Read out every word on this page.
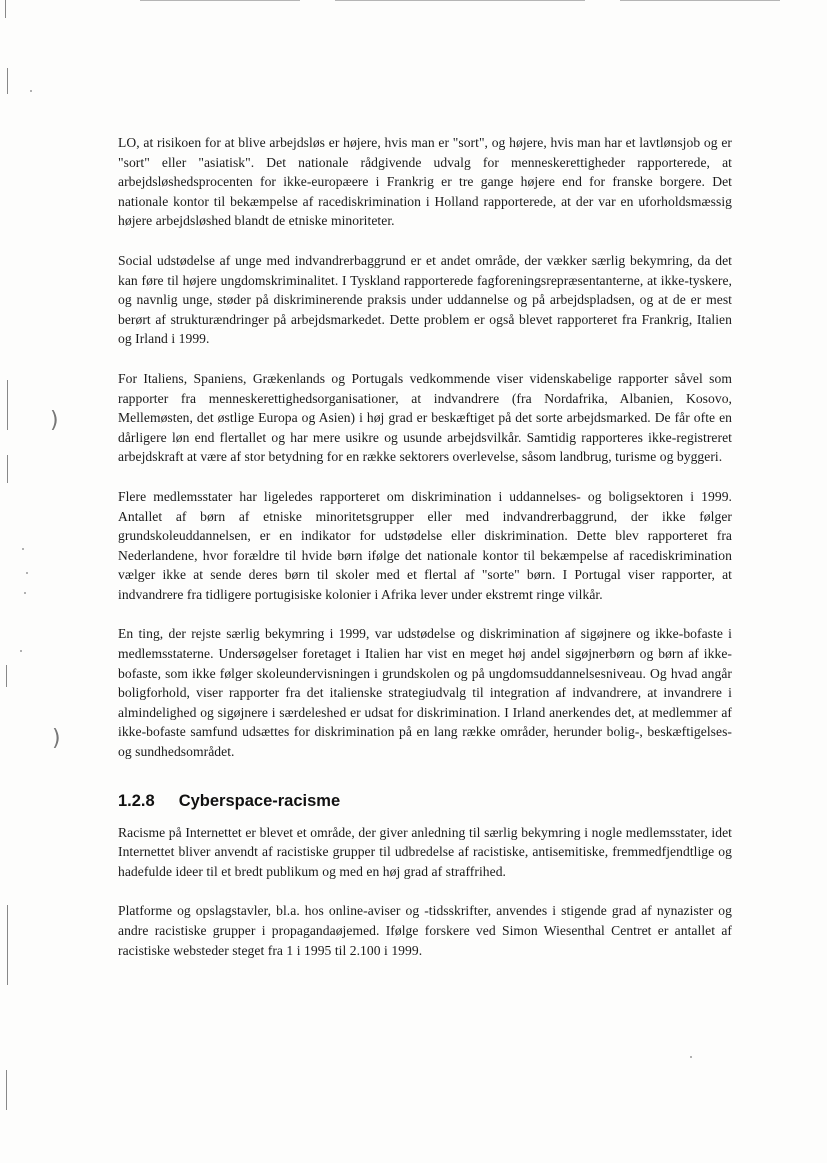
)
)

LO, at risikoen for at blive arbejdsløs er højere, hvis man er "sort", og højere, hvis man har et lavtlønsjob og er "sort" eller "asiatisk". Det nationale rådgivende udvalg for menneskerettigheder rapporterede, at arbejdsløshedsprocenten for ikke-europæere i Frankrig er tre gange højere end for franske borgere. Det nationale kontor til bekæmpelse af racediskrimination i Holland rapporterede, at der var en uforholdsmæssig højere arbejdsløshed blandt de etniske minoriteter.

Social udstødelse af unge med indvandrerbaggrund er et andet område, der vækker særlig bekymring, da det kan føre til højere ungdomskriminalitet. I Tyskland rapporterede fagforeningsrepræsentanterne, at ikke-tyskere, og navnlig unge, støder på diskriminerende praksis under uddannelse og på arbejdspladsen, og at de er mest berørt af strukturændringer på arbejdsmarkedet. Dette problem er også blevet rapporteret fra Frankrig, Italien og Irland i 1999.

For Italiens, Spaniens, Grækenlands og Portugals vedkommende viser videnskabelige rapporter såvel som rapporter fra menneskerettighedsorganisationer, at indvandrere (fra Nordafrika, Albanien, Kosovo, Mellemøsten, det østlige Europa og Asien) i høj grad er beskæftiget på det sorte arbejdsmarked. De får ofte en dårligere løn end flertallet og har mere usikre og usunde arbejdsvilkår. Samtidig rapporteres ikke-registreret arbejdskraft at være af stor betydning for en række sektorers overlevelse, såsom landbrug, turisme og byggeri.

Flere medlemsstater har ligeledes rapporteret om diskrimination i uddannelses- og boligsektoren i 1999. Antallet af børn af etniske minoritetsgrupper eller med indvandrerbaggrund, der ikke følger grundskoleuddannelsen, er en indikator for udstødelse eller diskrimination. Dette blev rapporteret fra Nederlandene, hvor forældre til hvide børn ifølge det nationale kontor til bekæmpelse af racediskrimination vælger ikke at sende deres børn til skoler med et flertal af "sorte" børn. I Portugal viser rapporter, at indvandrere fra tidligere portugisiske kolonier i Afrika lever under ekstremt ringe vilkår.

En ting, der rejste særlig bekymring i 1999, var udstødelse og diskrimination af sigøjnere og ikke-bofaste i medlemsstaterne. Undersøgelser foretaget i Italien har vist en meget høj andel sigøjnerbørn og børn af ikke-bofaste, som ikke følger skoleundervisningen i grundskolen og på ungdomsuddannelsesniveau. Og hvad angår boligforhold, viser rapporter fra det italienske strategiudvalg til integration af indvandrere, at invandrere i almindelighed og sigøjnere i særdeleshed er udsat for diskrimination. I Irland anerkendes det, at medlemmer af ikke-bofaste samfund udsættes for diskrimination på en lang række områder, herunder bolig-, beskæftigelses- og sundhedsområdet.

1.2.8 Cyberspace-racisme

Racisme på Internettet er blevet et område, der giver anledning til særlig bekymring i nogle medlemsstater, idet Internettet bliver anvendt af racistiske grupper til udbredelse af racistiske, antisemitiske, fremmedfjendtlige og hadefulde ideer til et bredt publikum og med en høj grad af straffrihed.

Platforme og opslagstavler, bl.a. hos online-aviser og -tidsskrifter, anvendes i stigende grad af nynazister og andre racistiske grupper i propagandaøjemed. Ifølge forskere ved Simon Wiesenthal Centret er antallet af racistiske websteder steget fra 1 i 1995 til 2.100 i 1999.
